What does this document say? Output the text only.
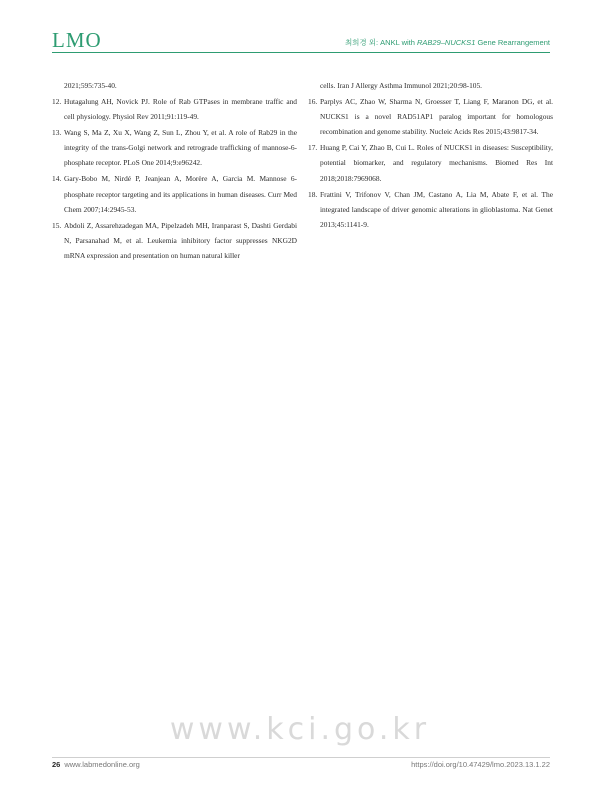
LMO	최희경 외: ANKL with RAB29–NUCKS1 Gene Rearrangement
2021;595:735-40.
12. Hutagalung AH, Novick PJ. Role of Rab GTPases in membrane traffic and cell physiology. Physiol Rev 2011;91:119-49.
13. Wang S, Ma Z, Xu X, Wang Z, Sun L, Zhou Y, et al. A role of Rab29 in the integrity of the trans-Golgi network and retrograde trafficking of mannose-6-phosphate receptor. PLoS One 2014;9:e96242.
14. Gary-Bobo M, Nirdé P, Jeanjean A, Morère A, Garcia M. Mannose 6-phosphate receptor targeting and its applications in human diseases. Curr Med Chem 2007;14:2945-53.
15. Abdoli Z, Assarehzadegan MA, Pipelzadeh MH, Iranparast S, Dashti Gerdabi N, Parsanahad M, et al. Leukemia inhibitory factor suppresses NKG2D mRNA expression and presentation on human natural killer
cells. Iran J Allergy Asthma Immunol 2021;20:98-105.
16. Parplys AC, Zhao W, Sharma N, Groesser T, Liang F, Maranon DG, et al. NUCKS1 is a novel RAD51AP1 paralog important for homologous recombination and genome stability. Nucleic Acids Res 2015;43:9817-34.
17. Huang P, Cai Y, Zhao B, Cui L. Roles of NUCKS1 in diseases: Susceptibility, potential biomarker, and regulatory mechanisms. Biomed Res Int 2018;2018:7969068.
18. Frattini V, Trifonov V, Chan JM, Castano A, Lia M, Abate F, et al. The integrated landscape of driver genomic alterations in glioblastoma. Nat Genet 2013;45:1141-9.
www.kci.go.kr
26 www.labmedonline.org	https://doi.org/10.47429/lmo.2023.13.1.22
